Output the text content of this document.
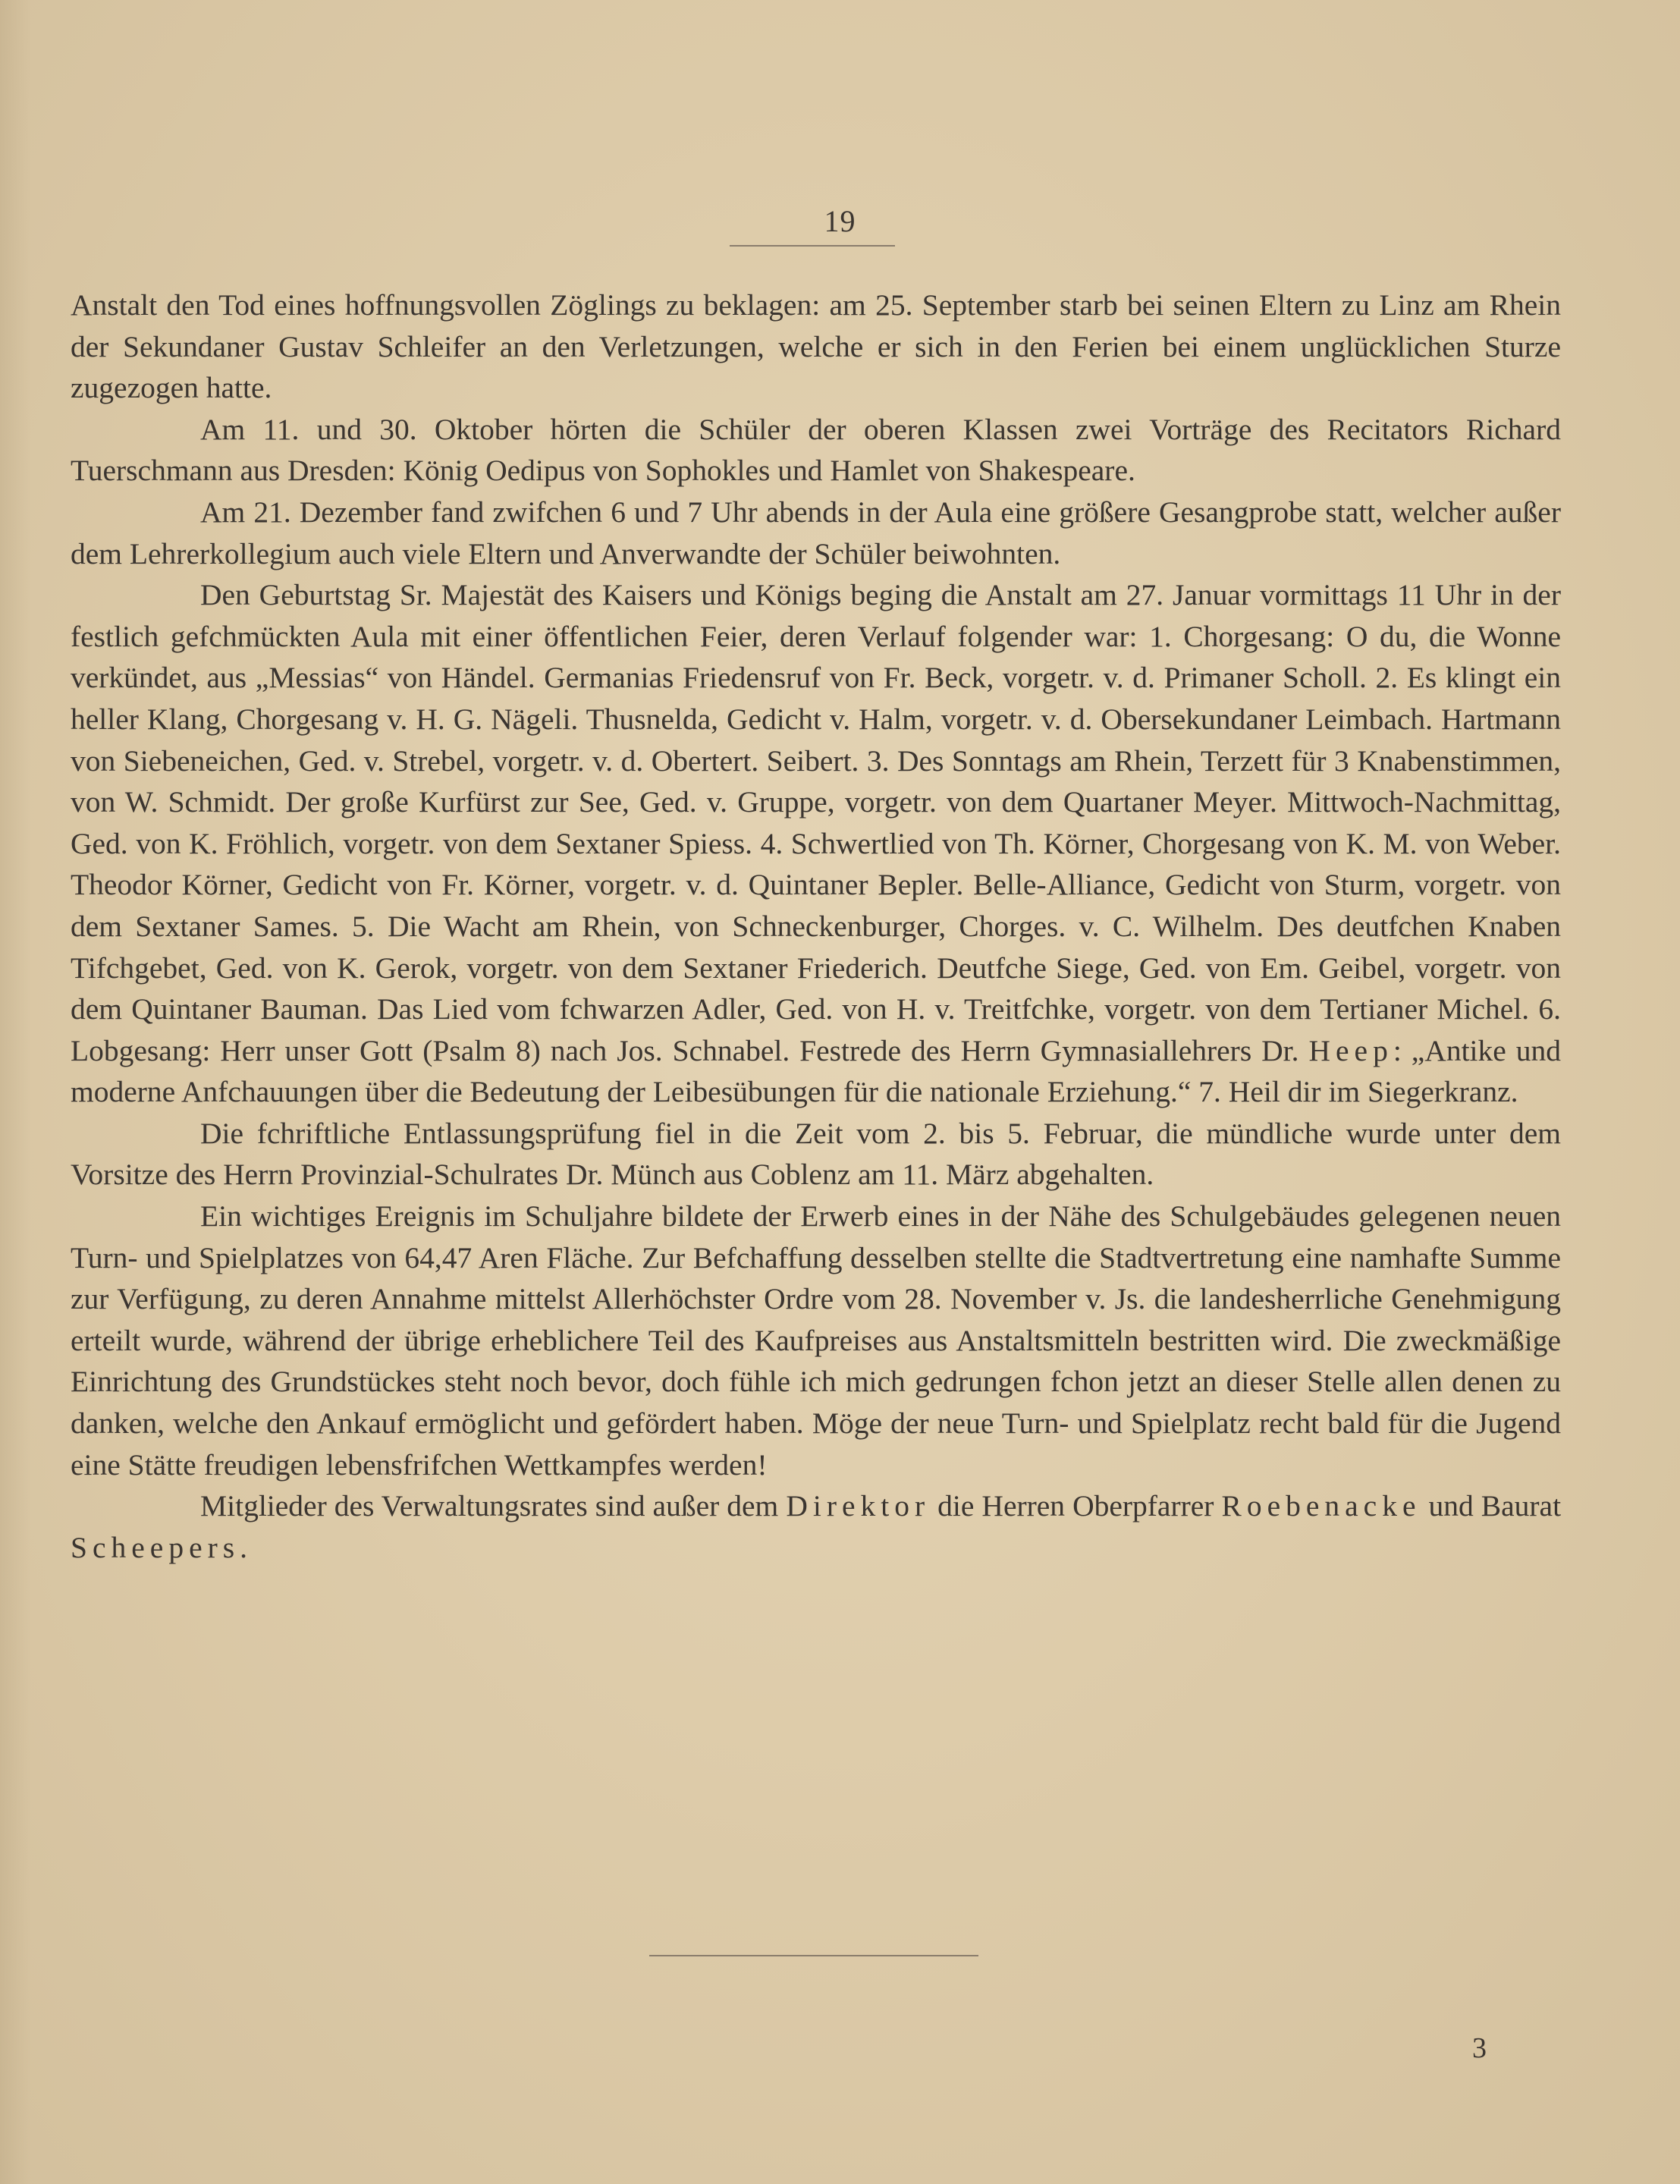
19

Anstalt den Tod eines hoffnungsvollen Zöglings zu beklagen: am 25. September starb bei seinen Eltern zu Linz am Rhein der Sekundaner Gustav Schleifer an den Verletzungen, welche er sich in den Ferien bei einem unglücklichen Sturze zugezogen hatte.

Am 11. und 30. Oktober hörten die Schüler der oberen Klassen zwei Vorträge des Recitators Richard Tuerschmann aus Dresden: König Oedipus von Sophokles und Hamlet von Shakespeare.

Am 21. Dezember fand zwifchen 6 und 7 Uhr abends in der Aula eine größere Gesangprobe statt, welcher außer dem Lehrerkollegium auch viele Eltern und Anverwandte der Schüler beiwohnten.

Den Geburtstag Sr. Majestät des Kaisers und Königs beging die Anstalt am 27. Januar vormittags 11 Uhr in der festlich gefchmückten Aula mit einer öffentlichen Feier, deren Verlauf folgender war: 1. Chorgesang: O du, die Wonne verkündet, aus „Messias“ von Händel. Germanias Friedensruf von Fr. Beck, vorgetr. v. d. Primaner Scholl. 2. Es klingt ein heller Klang, Chorgesang v. H. G. Nägeli. Thusnelda, Gedicht v. Halm, vorgetr. v. d. Obersekundaner Leimbach. Hartmann von Siebeneichen, Ged. v. Strebel, vorgetr. v. d. Obertert. Seibert. 3. Des Sonntags am Rhein, Terzett für 3 Knabenstimmen, von W. Schmidt. Der große Kurfürst zur See, Ged. v. Gruppe, vorgetr. von dem Quartaner Meyer. Mittwoch-Nachmittag, Ged. von K. Fröhlich, vorgetr. von dem Sextaner Spiess. 4. Schwertlied von Th. Körner, Chorgesang von K. M. von Weber. Theodor Körner, Gedicht von Fr. Körner, vorgetr. v. d. Quintaner Bepler. Belle-Alliance, Gedicht von Sturm, vorgetr. von dem Sextaner Sames. 5. Die Wacht am Rhein, von Schneckenburger, Chorges. v. C. Wilhelm. Des deutfchen Knaben Tifchgebet, Ged. von K. Gerok, vorgetr. von dem Sextaner Friederich. Deutfche Siege, Ged. von Em. Geibel, vorgetr. von dem Quintaner Bauman. Das Lied vom fchwarzen Adler, Ged. von H. v. Treitfchke, vorgetr. von dem Tertianer Michel. 6. Lobgesang: Herr unser Gott (Psalm 8) nach Jos. Schnabel. Festrede des Herrn Gymnasiallehrers Dr. Heep: „Antike und moderne Anfchauungen über die Bedeutung der Leibesübungen für die nationale Erziehung.“ 7. Heil dir im Siegerkranz.

Die fchriftliche Entlassungsprüfung fiel in die Zeit vom 2. bis 5. Februar, die mündliche wurde unter dem Vorsitze des Herrn Provinzial-Schulrates Dr. Münch aus Coblenz am 11. März abgehalten.

Ein wichtiges Ereignis im Schuljahre bildete der Erwerb eines in der Nähe des Schulgebäudes gelegenen neuen Turn- und Spielplatzes von 64,47 Aren Fläche. Zur Befchaffung desselben stellte die Stadtvertretung eine namhafte Summe zur Verfügung, zu deren Annahme mittelst Allerhöchster Ordre vom 28. November v. Js. die landesherrliche Genehmigung erteilt wurde, während der übrige erheblichere Teil des Kaufpreises aus Anstaltsmitteln bestritten wird. Die zweckmäßige Einrichtung des Grundstückes steht noch bevor, doch fühle ich mich gedrungen fchon jetzt an dieser Stelle allen denen zu danken, welche den Ankauf ermöglicht und gefördert haben. Möge der neue Turn- und Spielplatz recht bald für die Jugend eine Stätte freudigen lebensfrifchen Wettkampfes werden!

Mitglieder des Verwaltungsrates sind außer dem Direktor die Herren Oberpfarrer Roebenacke und Baurat Scheepers.

3
